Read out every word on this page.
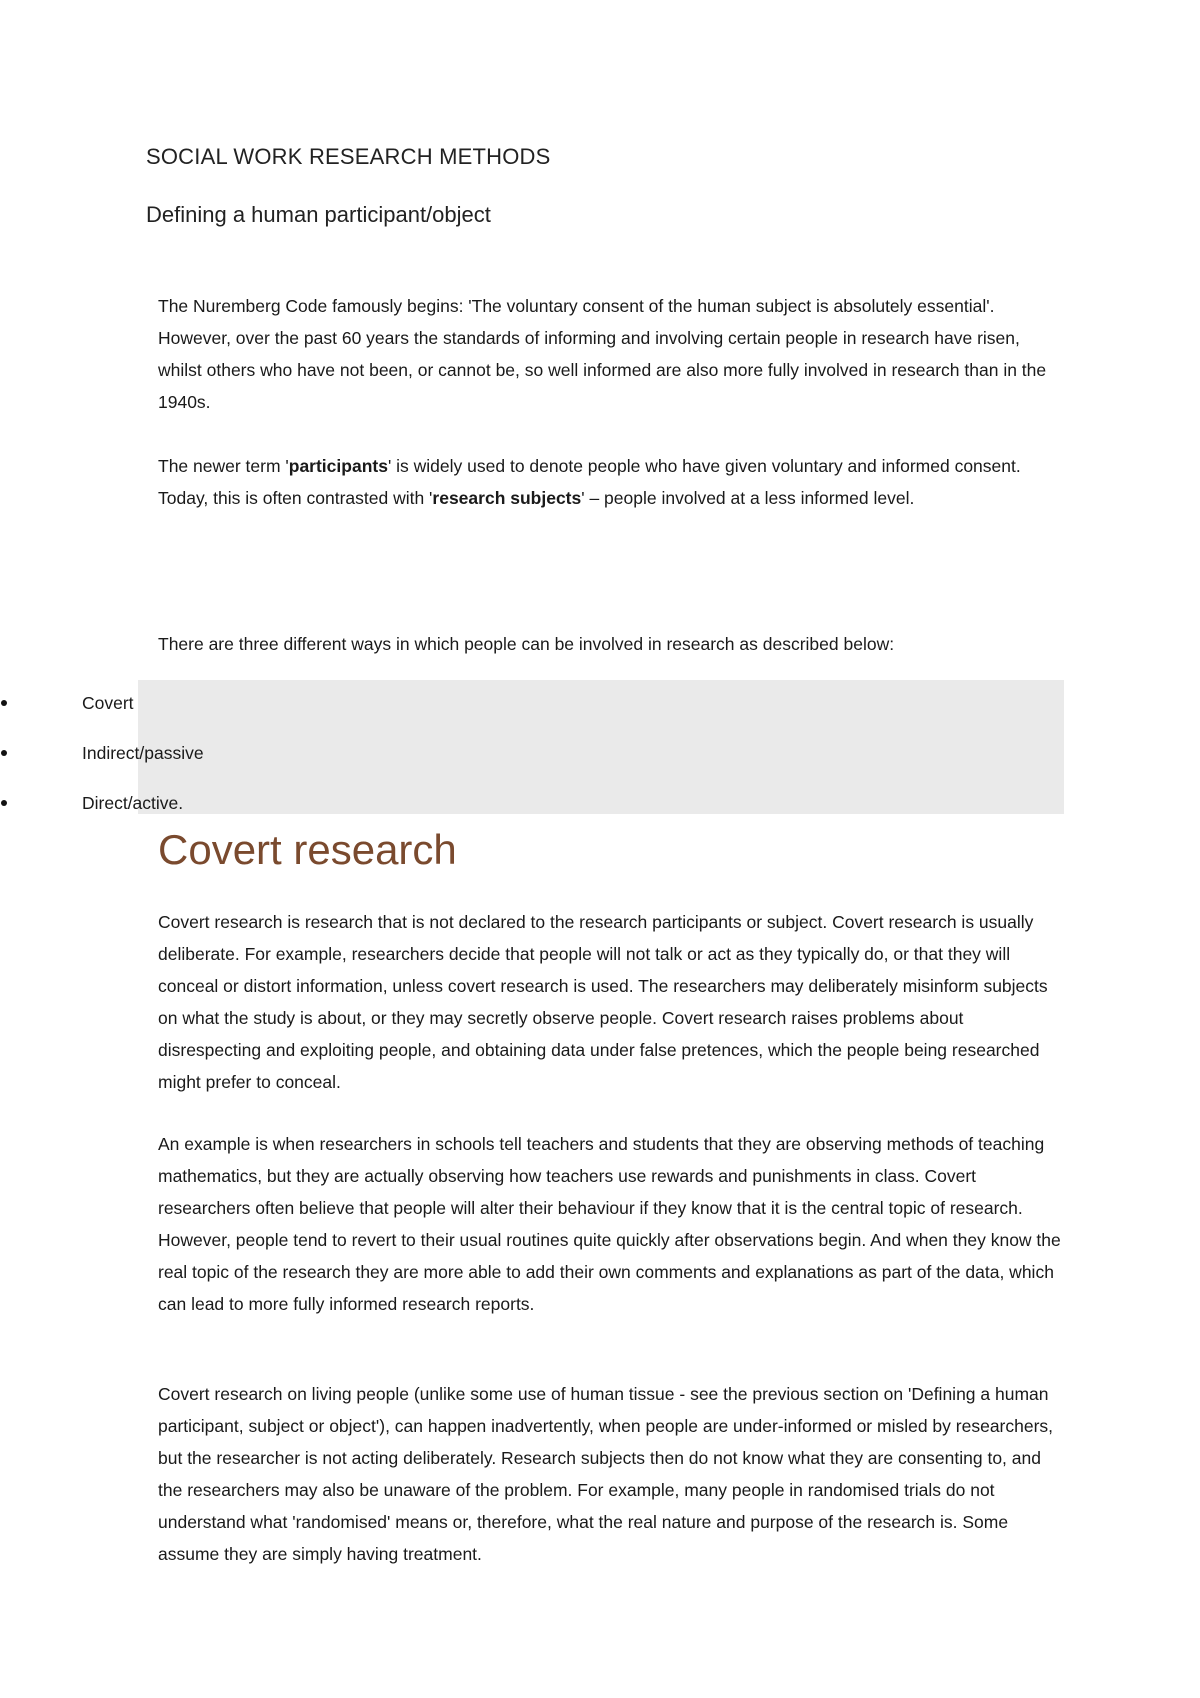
SOCIAL WORK RESEARCH METHODS
Defining a human participant/object

The Nuremberg Code famously begins: 'The voluntary consent of the human subject is absolutely essential'. However, over the past 60 years the standards of informing and involving certain people in research have risen, whilst others who have not been, or cannot be, so well informed are also more fully involved in research than in the 1940s.

The newer term 'participants' is widely used to denote people who have given voluntary and informed consent. Today, this is often contrasted with 'research subjects' – people involved at a less informed level.

There are three different ways in which people can be involved in research as described below:

Covert
Indirect/passive
Direct/active.
Covert research

Covert research is research that is not declared to the research participants or subject. Covert research is usually deliberate. For example, researchers decide that people will not talk or act as they typically do, or that they will conceal or distort information, unless covert research is used. The researchers may deliberately misinform subjects on what the study is about, or they may secretly observe people. Covert research raises problems about disrespecting and exploiting people, and obtaining data under false pretences, which the people being researched might prefer to conceal.

An example is when researchers in schools tell teachers and students that they are observing methods of teaching mathematics, but they are actually observing how teachers use rewards and punishments in class. Covert researchers often believe that people will alter their behaviour if they know that it is the central topic of research. However, people tend to revert to their usual routines quite quickly after observations begin. And when they know the real topic of the research they are more able to add their own comments and explanations as part of the data, which can lead to more fully informed research reports.

Covert research on living people (unlike some use of human tissue - see the previous section on 'Defining a human participant, subject or object'), can happen inadvertently, when people are under-informed or misled by researchers, but the researcher is not acting deliberately. Research subjects then do not know what they are consenting to, and the researchers may also be unaware of the problem. For example, many people in randomised trials do not understand what 'randomised' means or, therefore, what the real nature and purpose of the research is. Some assume they are simply having treatment.
